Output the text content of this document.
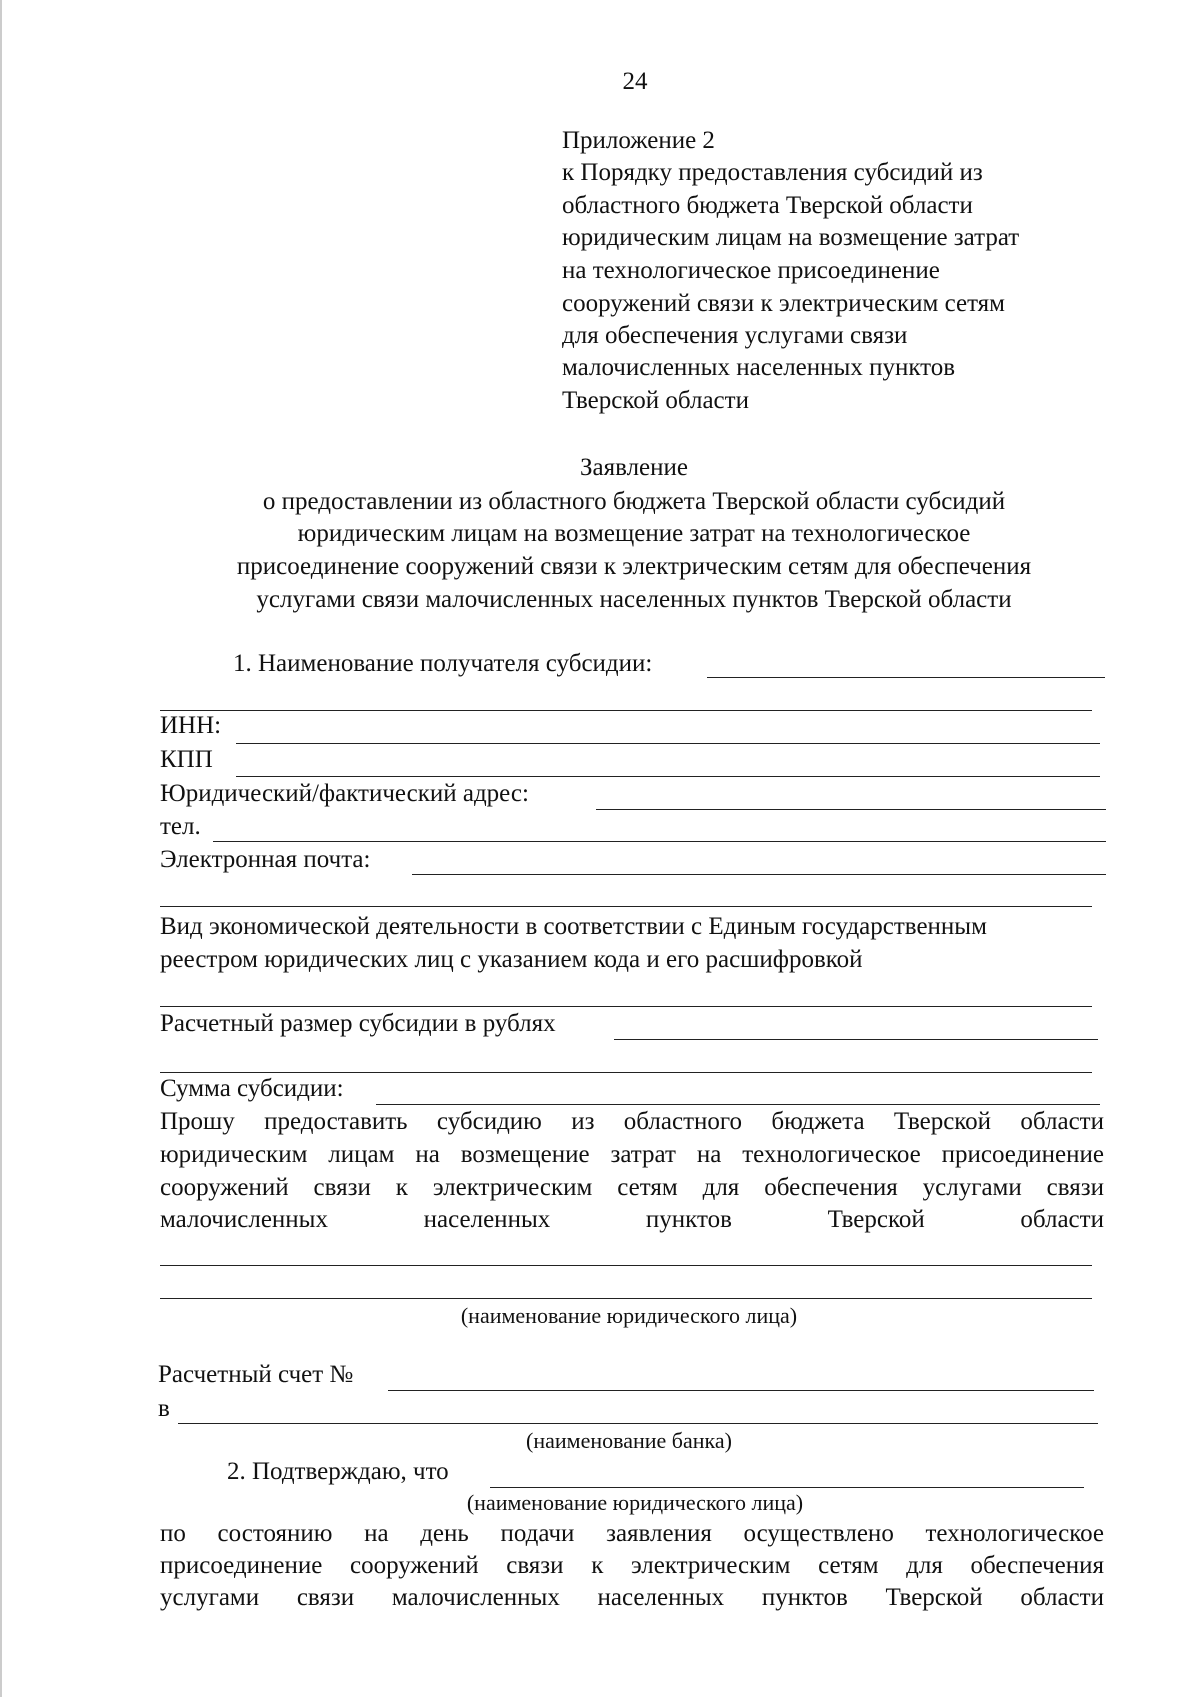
24
Приложение 2
к Порядку предоставления субсидий из
областного бюджета Тверской области
юридическим лицам на возмещение затрат
на технологическое присоединение
сооружений связи к электрическим сетям
для обеспечения услугами связи
малочисленных населенных пунктов
Тверской области
Заявление
о предоставлении из областного бюджета Тверской области субсидий
юридическим лицам на возмещение затрат на технологическое
присоединение сооружений связи к электрическим сетям для обеспечения
услугами связи малочисленных населенных пунктов Тверской области
1. Наименование получателя субсидии:
ИНН:
КПП
Юридический/фактический адрес:
тел.
Электронная почта:
Вид экономической деятельности в соответствии с Единым государственным
реестром юридических лиц с указанием кода и его расшифровкой
Расчетный размер субсидии в рублях
Сумма субсидии:
Прошу предоставить субсидию из областного бюджета Тверской области
юридическим лицам на возмещение затрат на технологическое присоединение
сооружений связи к электрическим сетям для обеспечения услугами связи
малочисленных	населенных	пунктов	Тверской	области
(наименование юридического лица)
Расчетный счет №
в
(наименование банка)
2. Подтверждаю, что
(наименование юридического лица)
по состоянию на день подачи заявления осуществлено технологическое
присоединение сооружений связи к электрическим сетям для обеспечения
услугами связи малочисленных населенных пунктов Тверской области
